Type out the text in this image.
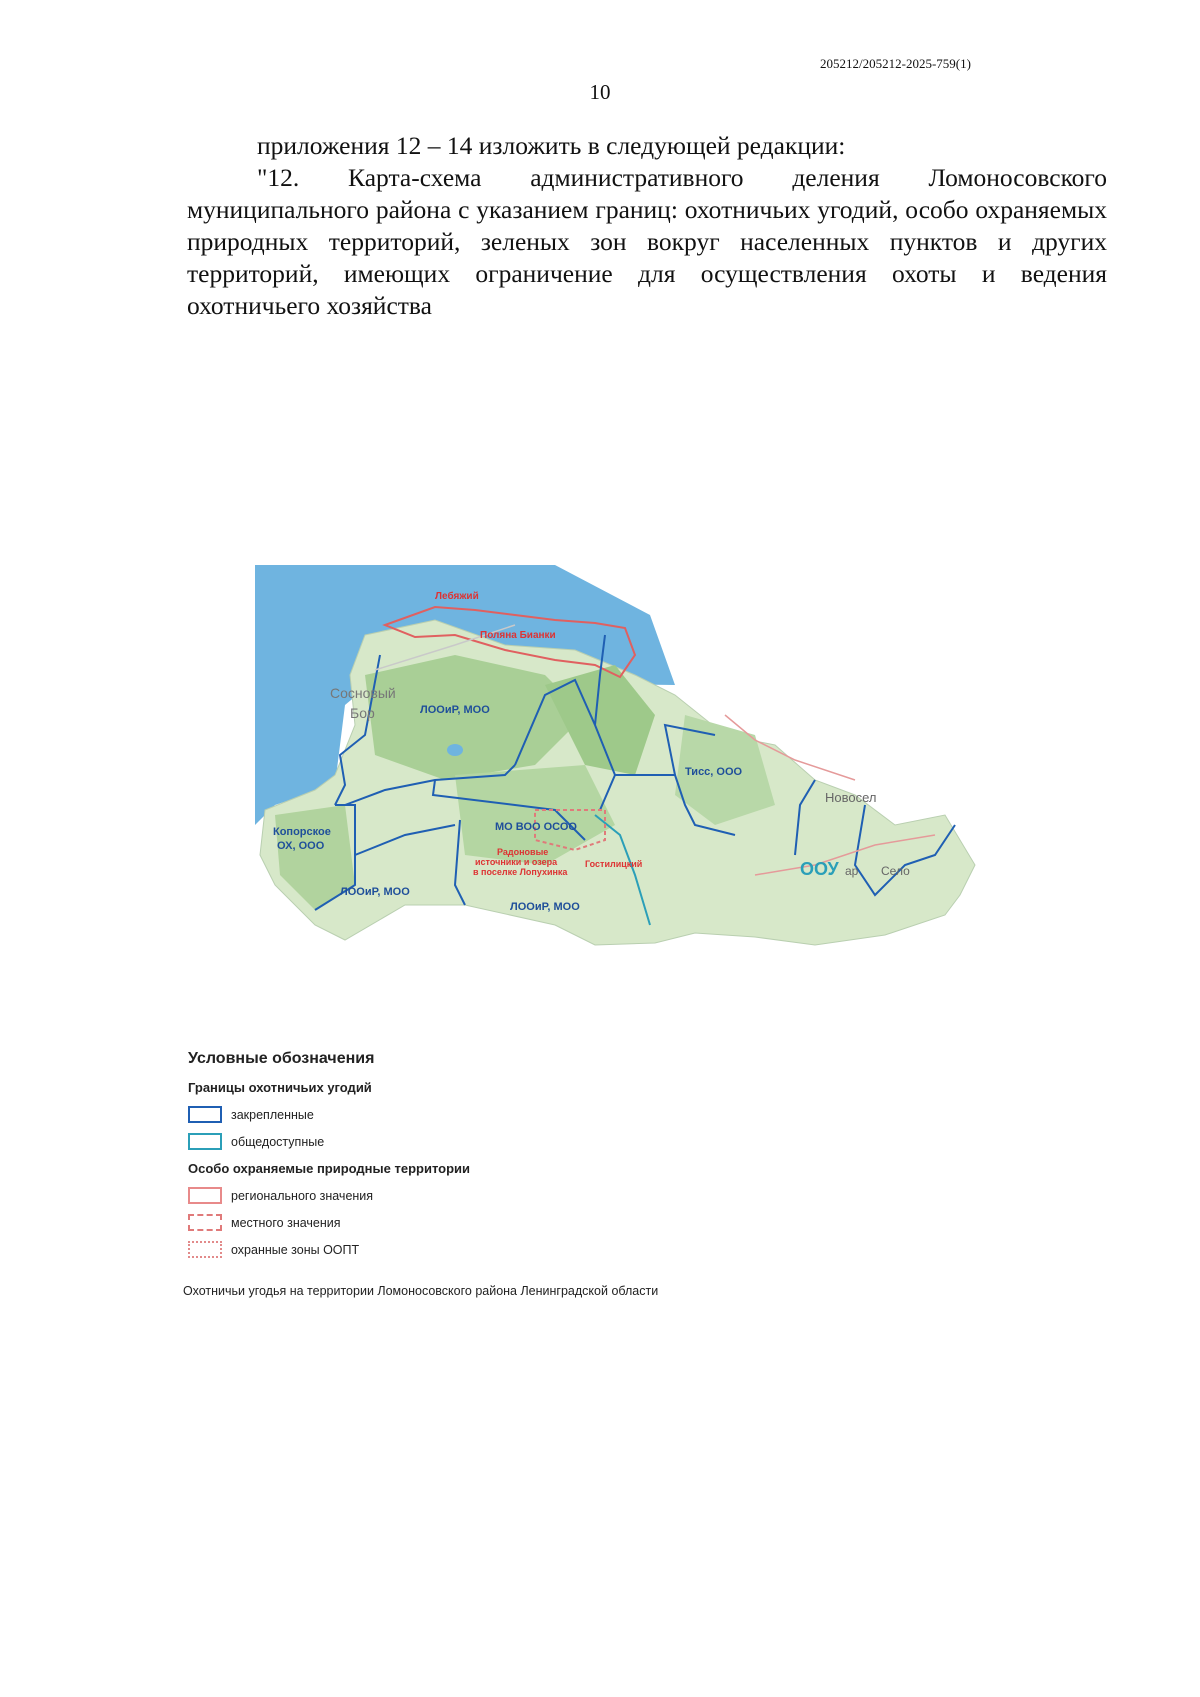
205212/205212-2025-759(1)
10

приложения 12 – 14 изложить в следующей редакции:

"12. Карта-схема административного деления Ломоносовского муниципального района с указанием границ: охотничьих угодий, особо охраняемых природных территорий, зеленых зон вокруг населенных пунктов и других территорий, имеющих ограничение для осуществления охоты и ведения охотничьего хозяйства

Лебяжий
Поляна Бианки
Сосновый
Бор	ЛООиР, МОО
Тисс, ООО
Новосел
Копорское
ОХ, ООО
МО ВОО ОСОО
Радоновые
источники и озера
в поселке Лопухинка
Гостилицкий
ЛООиР, МОО
ЛООиР, МОО
ООУ ар Село
Условные обозначения
Границы охотничьих угодий
закрепленные
общедоступные
Особо охраняемые природные территории
регионального значения
местного значения
охранные зоны ООПТ
Охотничьи угодья на территории Ломоносовского района Ленинградской области
